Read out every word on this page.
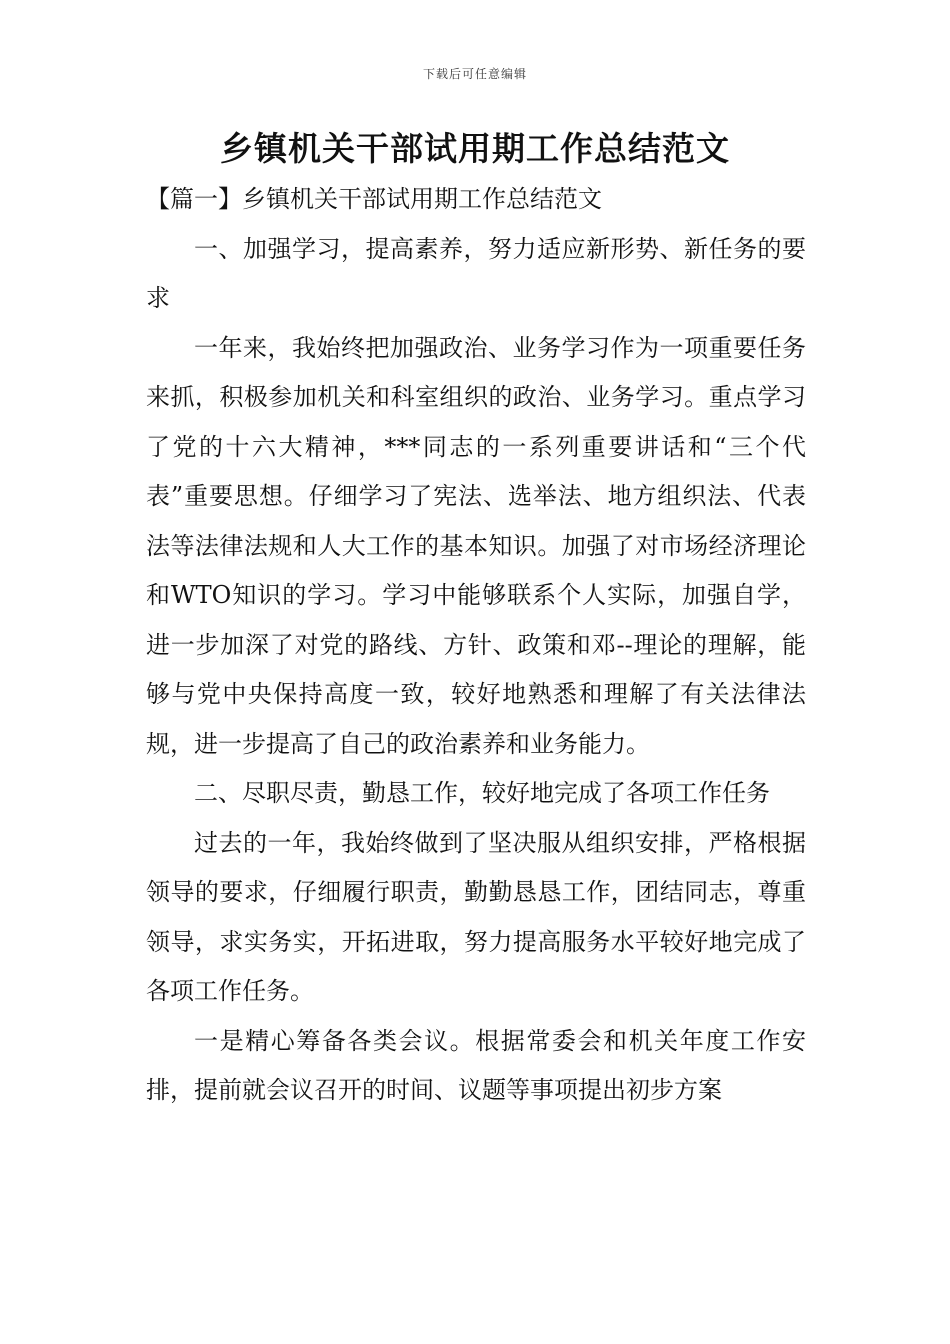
下载后可任意编辑
乡镇机关干部试用期工作总结范文

【篇一】乡镇机关干部试用期工作总结范文

一、加强学习，提高素养，努力适应新形势、新任务的要求

一年来，我始终把加强政治、业务学习作为一项重要任务来抓，积极参加机关和科室组织的政治、业务学习。重点学习了党的十六大精神，***同志的一系列重要讲话和“三个代表”重要思想。仔细学习了宪法、选举法、地方组织法、代表法等法律法规和人大工作的基本知识。加强了对市场经济理论和WTO知识的学习。学习中能够联系个人实际，加强自学，进一步加深了对党的路线、方针、政策和邓--理论的理解，能够与党中央保持高度一致，较好地熟悉和理解了有关法律法规，进一步提高了自己的政治素养和业务能力。

二、尽职尽责，勤恳工作，较好地完成了各项工作任务

过去的一年，我始终做到了坚决服从组织安排，严格根据领导的要求，仔细履行职责，勤勤恳恳工作，团结同志，尊重领导，求实务实，开拓进取，努力提高服务水平较好地完成了各项工作任务。

一是精心筹备各类会议。根据常委会和机关年度工作安排，提前就会议召开的时间、议题等事项提出初步方案
